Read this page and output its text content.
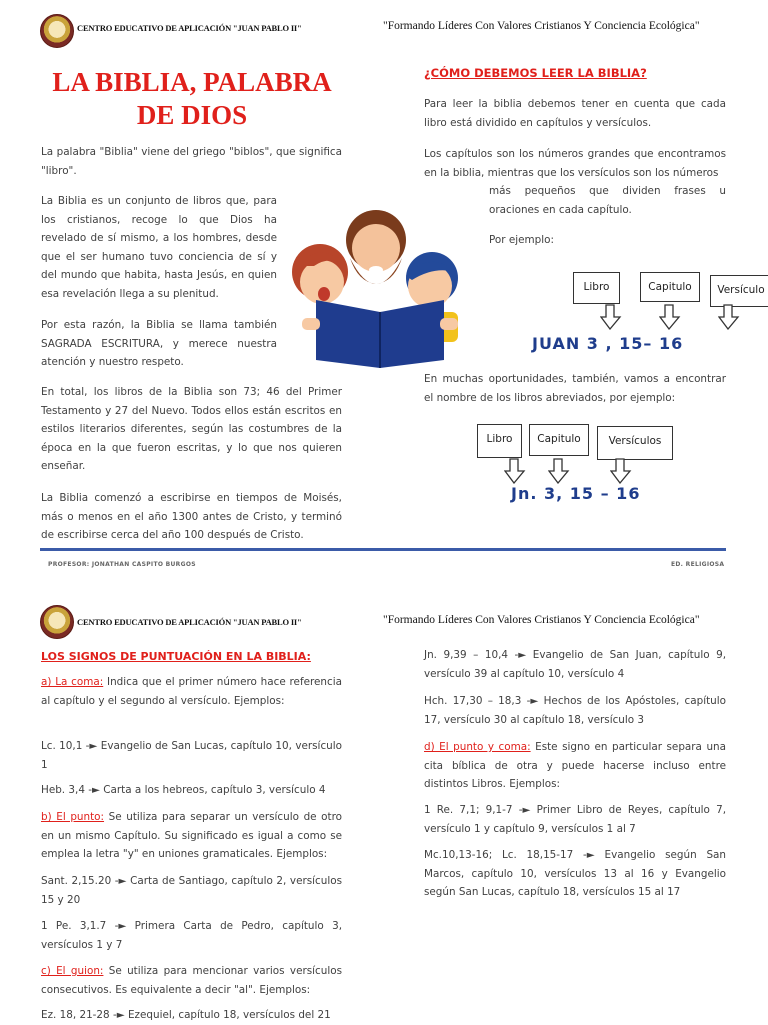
CENTRO EDUCATIVO DE APLICACIÓN "JUAN PABLO II"	"Formando Líderes Con Valores Cristianos Y Conciencia Ecológica"
LA BIBLIA, PALABRA
DE DIOS
La palabra "Biblia" viene del griego "biblos", que significa "libro".
La Biblia es un conjunto de libros que, para los cristianos, recoge lo que Dios ha revelado de sí mismo, a los hombres, desde que el ser humano tuvo conciencia de sí y del mundo que habita, hasta Jesús, en quien esa revelación llega a su plenitud.
Por esta razón, la Biblia se llama también SAGRADA ESCRITURA, y merece nuestra atención y nuestro respeto.
En total, los libros de la Biblia son 73; 46 del Primer Testamento y 27 del Nuevo. Todos ellos están escritos en estilos literarios diferentes, según las costumbres de la época en la que fueron escritas, y lo que nos quieren enseñar.
La Biblia comenzó a escribirse en tiempos de Moisés, más o menos en el año 1300 antes de Cristo, y terminó de escribirse cerca del año 100 después de Cristo.
¿CÓMO DEBEMOS LEER LA BIBLIA?
Para leer la biblia debemos tener en cuenta que cada libro está dividido en capítulos y versículos.
Los capítulos son los números grandes que encontramos en la biblia, mientras que los versículos son los números
más pequeños que dividen frases u oraciones en cada capítulo.
Por ejemplo:
Libro	Capitulo	Versículo
JUAN 3 , 15– 16
En muchas oportunidades, también, vamos a encontrar el nombre de los libros abreviados, por ejemplo:
Libro	Capitulo	Versículos
Jn. 3, 15 – 16
PROFESOR: JONATHAN CASPITO BURGOS	ED. RELIGIOSA
CENTRO EDUCATIVO DE APLICACIÓN "JUAN PABLO II"	"Formando Líderes Con Valores Cristianos Y Conciencia Ecológica"
LOS SIGNOS DE PUNTUACIÓN EN LA BIBLIA:
a) La coma: Indica que el primer número hace referencia al capítulo y el segundo al versículo. Ejemplos:
Lc. 10,1 -► Evangelio de San Lucas, capítulo 10, versículo 1
Heb. 3,4 -► Carta a los hebreos, capítulo 3, versículo 4
b) El punto: Se utiliza para separar un versículo de otro en un mismo Capítulo. Su significado es igual a como se emplea la letra "y" en uniones gramaticales. Ejemplos:
Sant. 2,15.20 -► Carta de Santiago, capítulo 2, versículos 15 y 20
1 Pe. 3,1.7 -► Primera Carta de Pedro, capítulo 3, versículos 1 y 7
c) El guion: Se utiliza para mencionar varios versículos consecutivos. Es equivalente a decir "al". Ejemplos:
Ez. 18, 21-28 -► Ezequiel, capítulo 18, versículos del 21
Jn. 9,39 – 10,4 -► Evangelio de San Juan, capítulo 9, versículo 39 al capítulo 10, versículo 4
Hch. 17,30 – 18,3 -► Hechos de los Apóstoles, capítulo 17, versículo 30 al capítulo 18, versículo 3
d) El punto y coma: Este signo en particular separa una cita bíblica de otra y puede hacerse incluso entre distintos Libros. Ejemplos:
1 Re. 7,1; 9,1-7 -► Primer Libro de Reyes, capítulo 7, versículo 1 y capítulo 9, versículos 1 al 7
Mc.10,13-16; Lc. 18,15-17 -► Evangelio según San Marcos, capítulo 10, versículos 13 al 16 y Evangelio según San Lucas, capítulo 18, versículos 15 al 17
